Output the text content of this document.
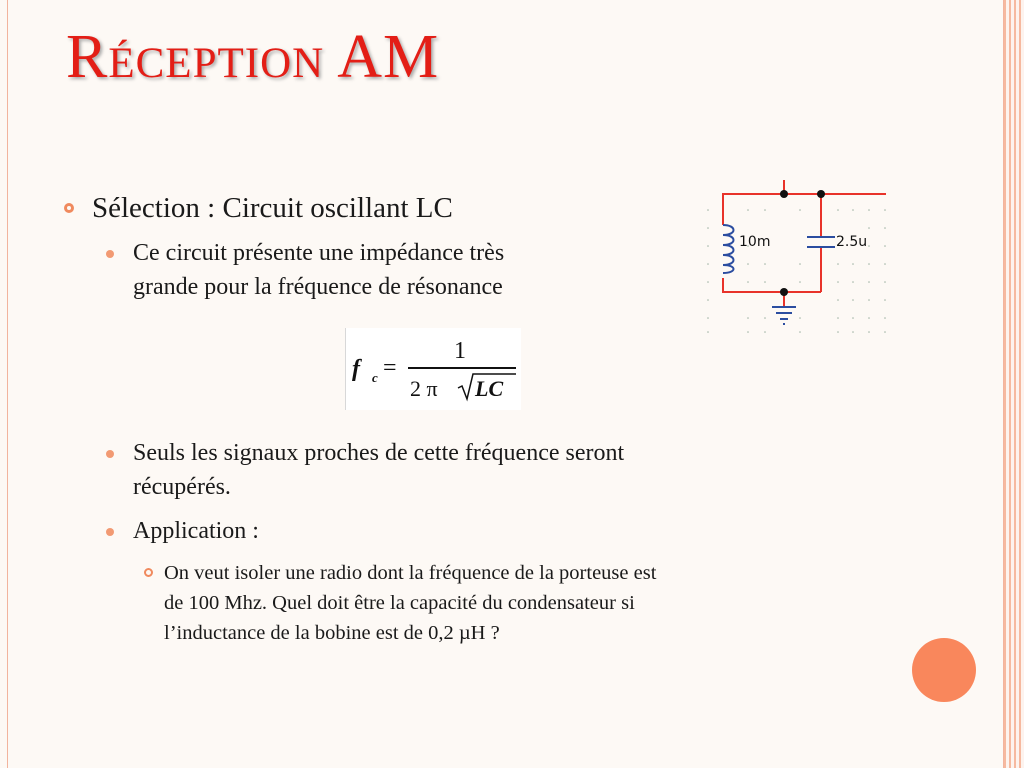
Réception AM
Sélection : Circuit oscillant LC
Ce circuit présente une impédance très
grande pour la fréquence de résonance
10m	2.5u
f c =
1
2 π LC
Seuls les signaux proches de cette fréquence seront
récupérés.
Application :
On veut isoler une radio dont la fréquence de la porteuse est
de 100 Mhz. Quel doit être la capacité du condensateur si
l’inductance de la bobine est de 0,2 µH ?
